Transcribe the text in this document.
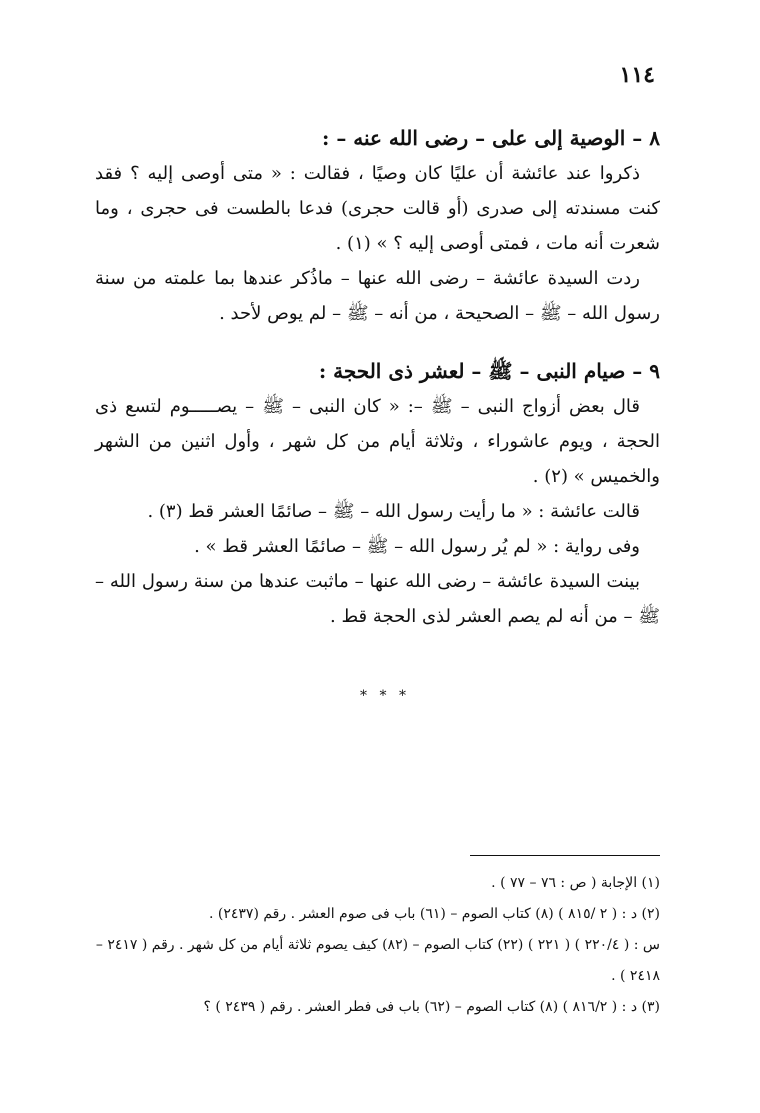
١١٤
٨ – الوصية إلى على – رضى الله عنه – :

ذكروا عند عائشة أن عليًا كان وصيًا ، فقالت : « متى أوصى إليه ؟ فقد كنت مسندته إلى صدرى (أو قالت حجرى) فدعا بالطست فى حجرى ، وما شعرت أنه مات ، فمتى أوصى إليه ؟ » (١) .

ردت السيدة عائشة – رضى الله عنها – ماذُكر عندها بما علمته من سنة رسول الله – ﷺ – الصحيحة ، من أنه – ﷺ – لم يوص لأحد .

٩ – صيام النبى – ﷺ – لعشر ذى الحجة :

قال بعض أزواج النبى – ﷺ –: « كان النبى – ﷺ – يصـــــوم لتسع ذى الحجة ، ويوم عاشوراء ، وثلاثة أيام من كل شهر ، وأول اثنين من الشهر والخميس » (٢) .

قالت عائشة : « ما رأيت رسول الله – ﷺ – صائمًا العشر قط (٣) .

وفى رواية : « لم يُر رسول الله – ﷺ – صائمًا العشر قط » .

بينت السيدة عائشة – رضى الله عنها – ماثبت عندها من سنة رسول الله – ﷺ – من أنه لم يصم العشر لذى الحجة قط .

* * *

(١) الإجابة ( ص : ٧٦ – ٧٧ ) .

(٢) د : ( ٢ /٨١٥ ) (٨) كتاب الصوم – (٦١) باب فى صوم العشر . رقم (٢٤٣٧) .

س : ( ٢٢٠/٤ ) ( ٢٢١ ) (٢٢) كتاب الصوم – (٨٢) كيف يصوم ثلاثة أيام من كل شهر . رقم ( ٢٤١٧ – ٢٤١٨ ) .

(٣) د : ( ٨١٦/٢ ) (٨) كتاب الصوم – (٦٢) باب فى فطر العشر . رقم ( ٢٤٣٩ ) ؟
